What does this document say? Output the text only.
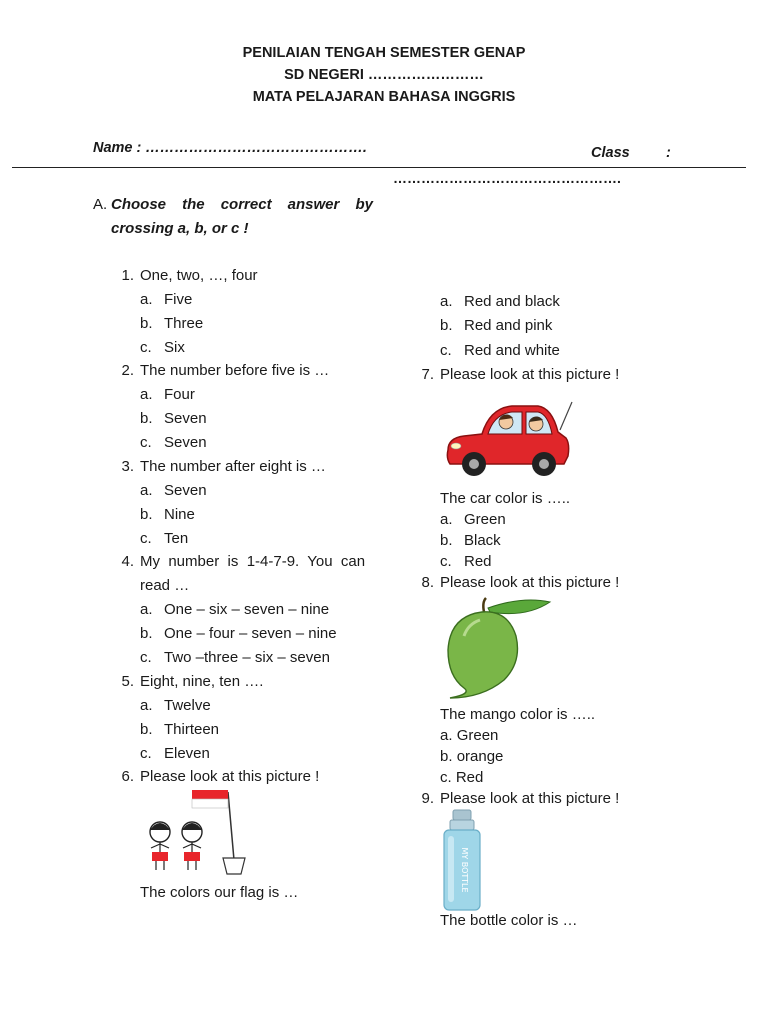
PENILAIAN TENGAH SEMESTER GENAP
SD NEGERI ……………………
MATA PELAJARAN BAHASA INGGRIS
Name : ……………………………………….	Class         :
………………………………………….
A. Choose the correct answer by
crossing a, b, or c !
1. One, two, …, four
a. Five
b. Three
c. Six
2. The number before five is …
a. Four
b. Seven
c. Seven
3. The number after eight is …
a. Seven
b. Nine
c. Ten
4. My  number  is  1-4-7-9.  You  can
read …
a. One – six – seven – nine
b. One – four – seven – nine
c. Two –three – six – seven
5. Eight, nine, ten ….
a. Twelve
b. Thirteen
c. Eleven
6. Please look at this picture !
The colors our flag is …
a. Red and black
b. Red and pink
c. Red and white
7. Please look at this picture !
The car color is …..
a. Green
b. Black
c. Red
8. Please look at this picture !
The mango color is …..
a. Green
b. orange
c. Red
9. Please look at this picture !
MY BOTTLE
The bottle color is …
